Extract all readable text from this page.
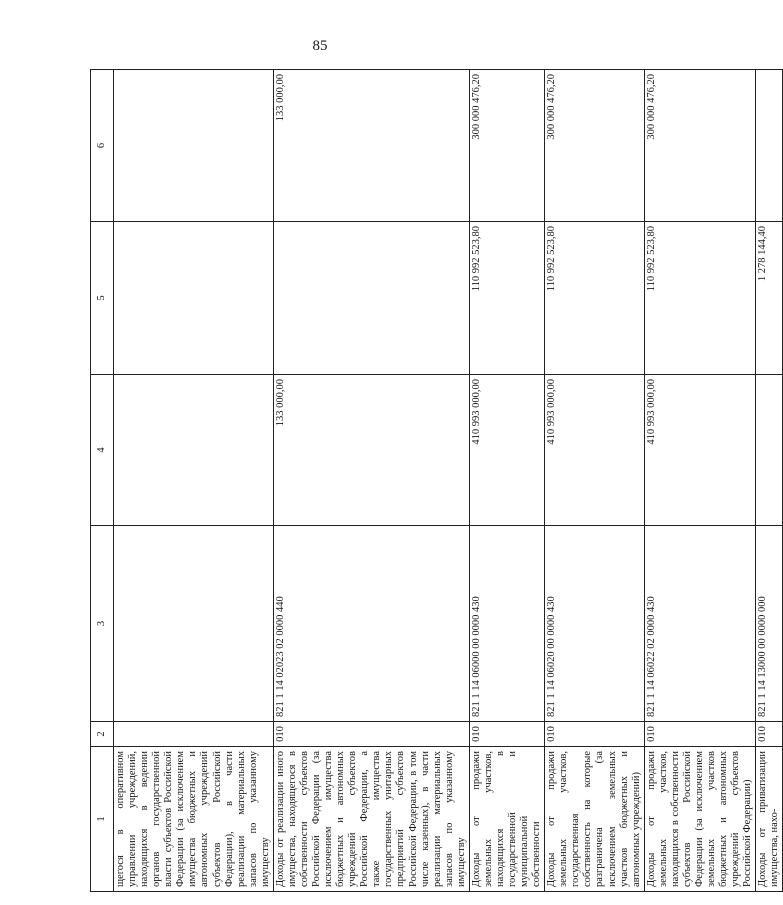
85
1	2	3	4	5	6
щегося в оперативном управлении учреждений, находящихся в ведении органов государственной власти субъектов Российской Федерации (за исключением имущества бюджетных и автономных учреждений субъектов Российской Федерации), в части реализации материальных запасов по указанному имуществу					
Доходы от реализации иного имущества, находящегося в собственности субъектов Российской Федерации (за исключением имущества бюджетных и автономных учреждений субъектов Российской Федерации, а также имущества государственных унитарных предприятий субъектов Российской Федерации, в том числе казенных), в части реализации материальных запасов по указанному имуществу	010	821 1 14 02023 02 0000 440	133 000,00		133 000,00
Доходы от продажи земельных участков, находящихся в государственной и муниципальной собственности	010	821 1 14 06000 00 0000 430	410 993 000,00	110 992 523,80	300 000 476,20
Доходы от продажи земельных участков, государственная собственность на которые разграничена (за исключением земельных участков бюджетных и автономных учреждений)	010	821 1 14 06020 00 0000 430	410 993 000,00	110 992 523,80	300 000 476,20
Доходы от продажи земельных участков, находящихся в собственности субъектов Российской Федерации (за исключением земельных участков бюджетных и автономных учреждений субъектов Российской Федерации)	010	821 1 14 06022 02 0000 430	410 993 000,00	110 992 523,80	300 000 476,20
Доходы от приватизации имущества, нахо-	010	821 1 14 13000 00 0000 000		1 278 144,40	
